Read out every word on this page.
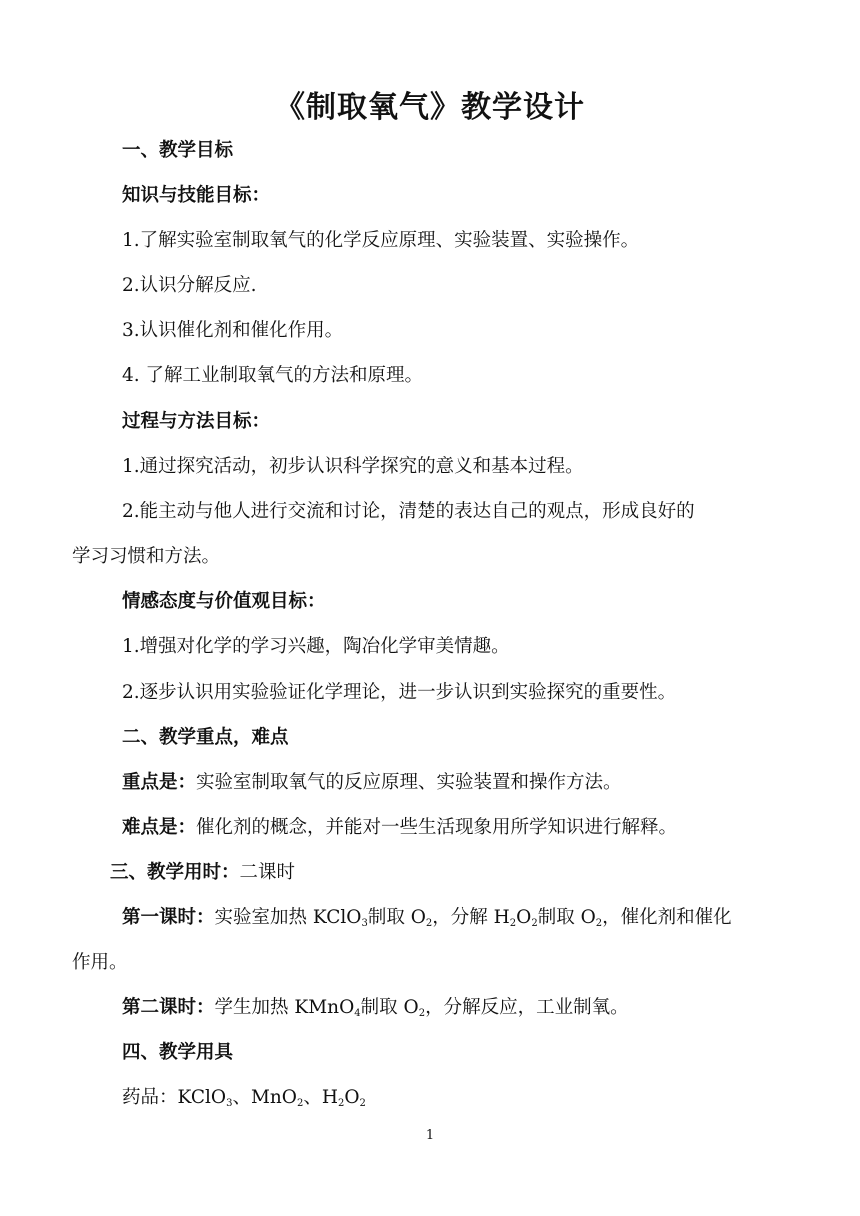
《制取氧气》教学设计
一、教学目标
知识与技能目标：
1.了解实验室制取氧气的化学反应原理、实验装置、实验操作。
2.认识分解反应.
3.认识催化剂和催化作用。
4. 了解工业制取氧气的方法和原理。
过程与方法目标：
1.通过探究活动，初步认识科学探究的意义和基本过程。
2.能主动与他人进行交流和讨论，清楚的表达自己的观点，形成良好的
学习习惯和方法。
情感态度与价值观目标：
1.增强对化学的学习兴趣，陶冶化学审美情趣。
2.逐步认识用实验验证化学理论，进一步认识到实验探究的重要性。
二、教学重点，难点
重点是：实验室制取氧气的反应原理、实验装置和操作方法。
难点是：催化剂的概念，并能对一些生活现象用所学知识进行解释。
三、教学用时：二课时
第一课时：实验室加热 KClO$_3$制取 $O_2$，分解 $H_2O_2$制取 $O_2$，催化剂和催化
作用。
第二课时：学生加热 KMnO$_4$制取 $O_2$，分解反应，工业制氧。
四、教学用具
药品：KClO$_3$、MnO$_2$、$H_2O_2$
1
